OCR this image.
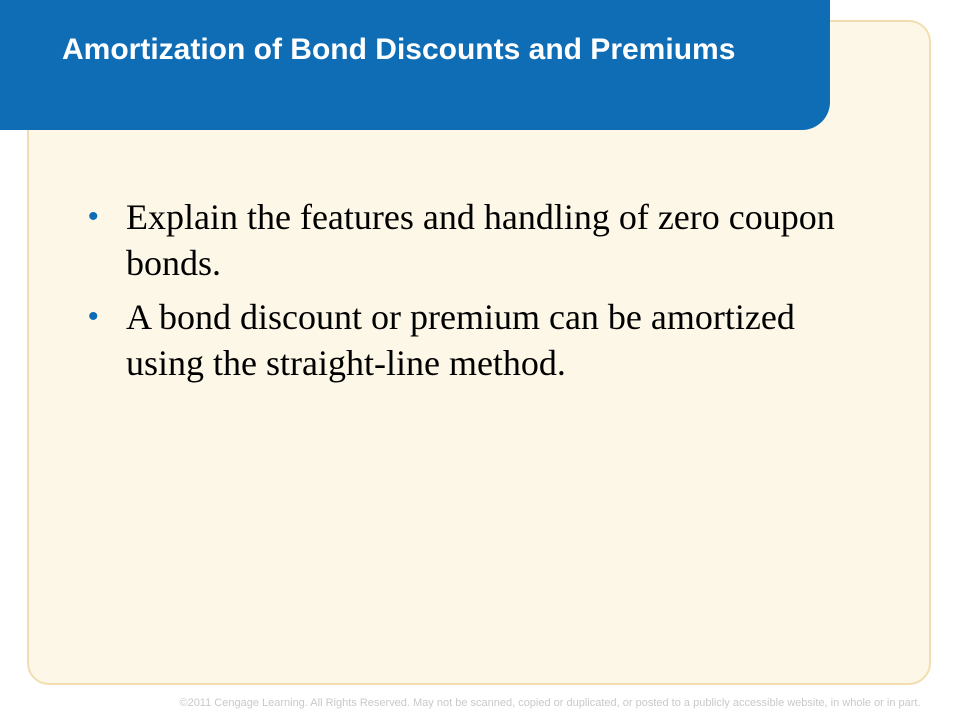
Amortization of Bond Discounts and Premiums
• Explain the features and handling of zero coupon bonds.
• A bond discount or premium can be amortized using the straight-line method.
©2011 Cengage Learning. All Rights Reserved. May not be scanned, copied or duplicated, or posted to a publicly accessible website, in whole or in part.
